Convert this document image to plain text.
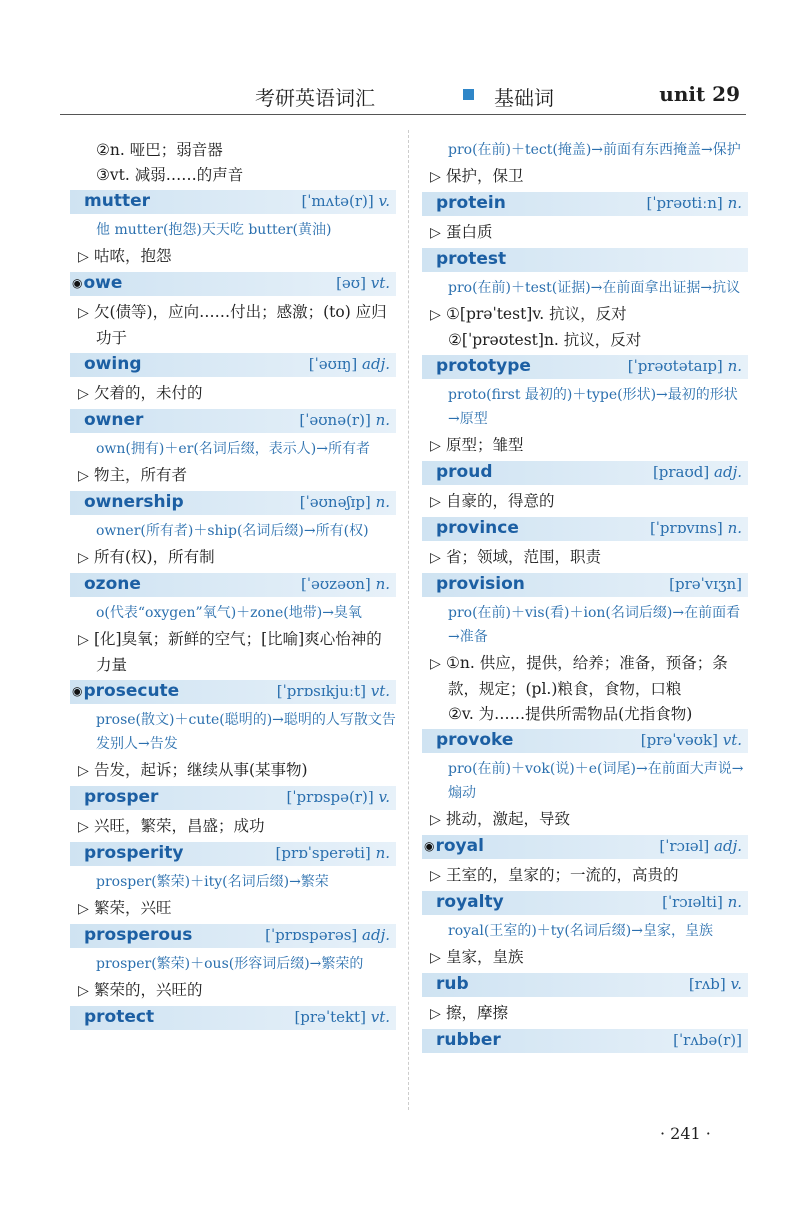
考研英语词汇	基础词	unit 29
②n. 哑巴；弱音器
③vt. 减弱……的声音
mutter	[ˈmʌtə(r)] v.
他 mutter(抱怨)天天吃 butter(黄油)
▷ 咕哝，抱怨
◉owe	[əʊ] vt.
▷ 欠(债等)，应向……付出；感激；(to) 应归功于
owing	[ˈəʊɪŋ] adj.
▷ 欠着的，未付的
owner	[ˈəʊnə(r)] n.
own(拥有)＋er(名词后缀，表示人)→所有者
▷ 物主，所有者
ownership	[ˈəʊnəʃɪp] n.
owner(所有者)＋ship(名词后缀)→所有(权)
▷ 所有(权)，所有制
ozone	[ˈəʊzəʊn] n.
o(代表“oxygen”氧气)＋zone(地带)→臭氧
▷ [化]臭氧；新鲜的空气；[比喻]爽心怡神的力量
◉prosecute	[ˈprɒsɪkjuːt] vt.
prose(散文)＋cute(聪明的)→聪明的人写散文告发别人→告发
▷ 告发，起诉；继续从事(某事物)
prosper	[ˈprɒspə(r)] v.
▷ 兴旺，繁荣，昌盛；成功
prosperity	[prɒˈsperəti] n.
prosper(繁荣)＋ity(名词后缀)→繁荣
▷ 繁荣，兴旺
prosperous	[ˈprɒspərəs] adj.
prosper(繁荣)＋ous(形容词后缀)→繁荣的
▷ 繁荣的，兴旺的
protect	[prəˈtekt] vt.
pro(在前)＋tect(掩盖)→前面有东西掩盖→保护
▷ 保护，保卫
protein	[ˈprəʊtiːn] n.
▷ 蛋白质
protest
pro(在前)＋test(证据)→在前面拿出证据→抗议
▷ ①[prəˈtest]v. 抗议，反对
②[ˈprəʊtest]n. 抗议，反对
prototype	[ˈprəʊtətaɪp] n.
proto(first 最初的)＋type(形状)→最初的形状→原型
▷ 原型；雏型
proud	[praʊd] adj.
▷ 自豪的，得意的
province	[ˈprɒvɪns] n.
▷ 省；领域，范围，职责
provision	[prəˈvɪʒn]
pro(在前)＋vis(看)＋ion(名词后缀)→在前面看→准备
▷ ①n. 供应，提供，给养；准备，预备；条款，规定；(pl.)粮食，食物，口粮
②v. 为……提供所需物品(尤指食物)
provoke	[prəˈvəʊk] vt.
pro(在前)＋vok(说)＋e(词尾)→在前面大声说→煽动
▷ 挑动，激起，导致
◉royal	[ˈrɔɪəl] adj.
▷ 王室的，皇家的；一流的，高贵的
royalty	[ˈrɔɪəlti] n.
royal(王室的)＋ty(名词后缀)→皇家，皇族
▷ 皇家，皇族
rub	[rʌb] v.
▷ 擦，摩擦
rubber	[ˈrʌbə(r)]
· 241 ·
